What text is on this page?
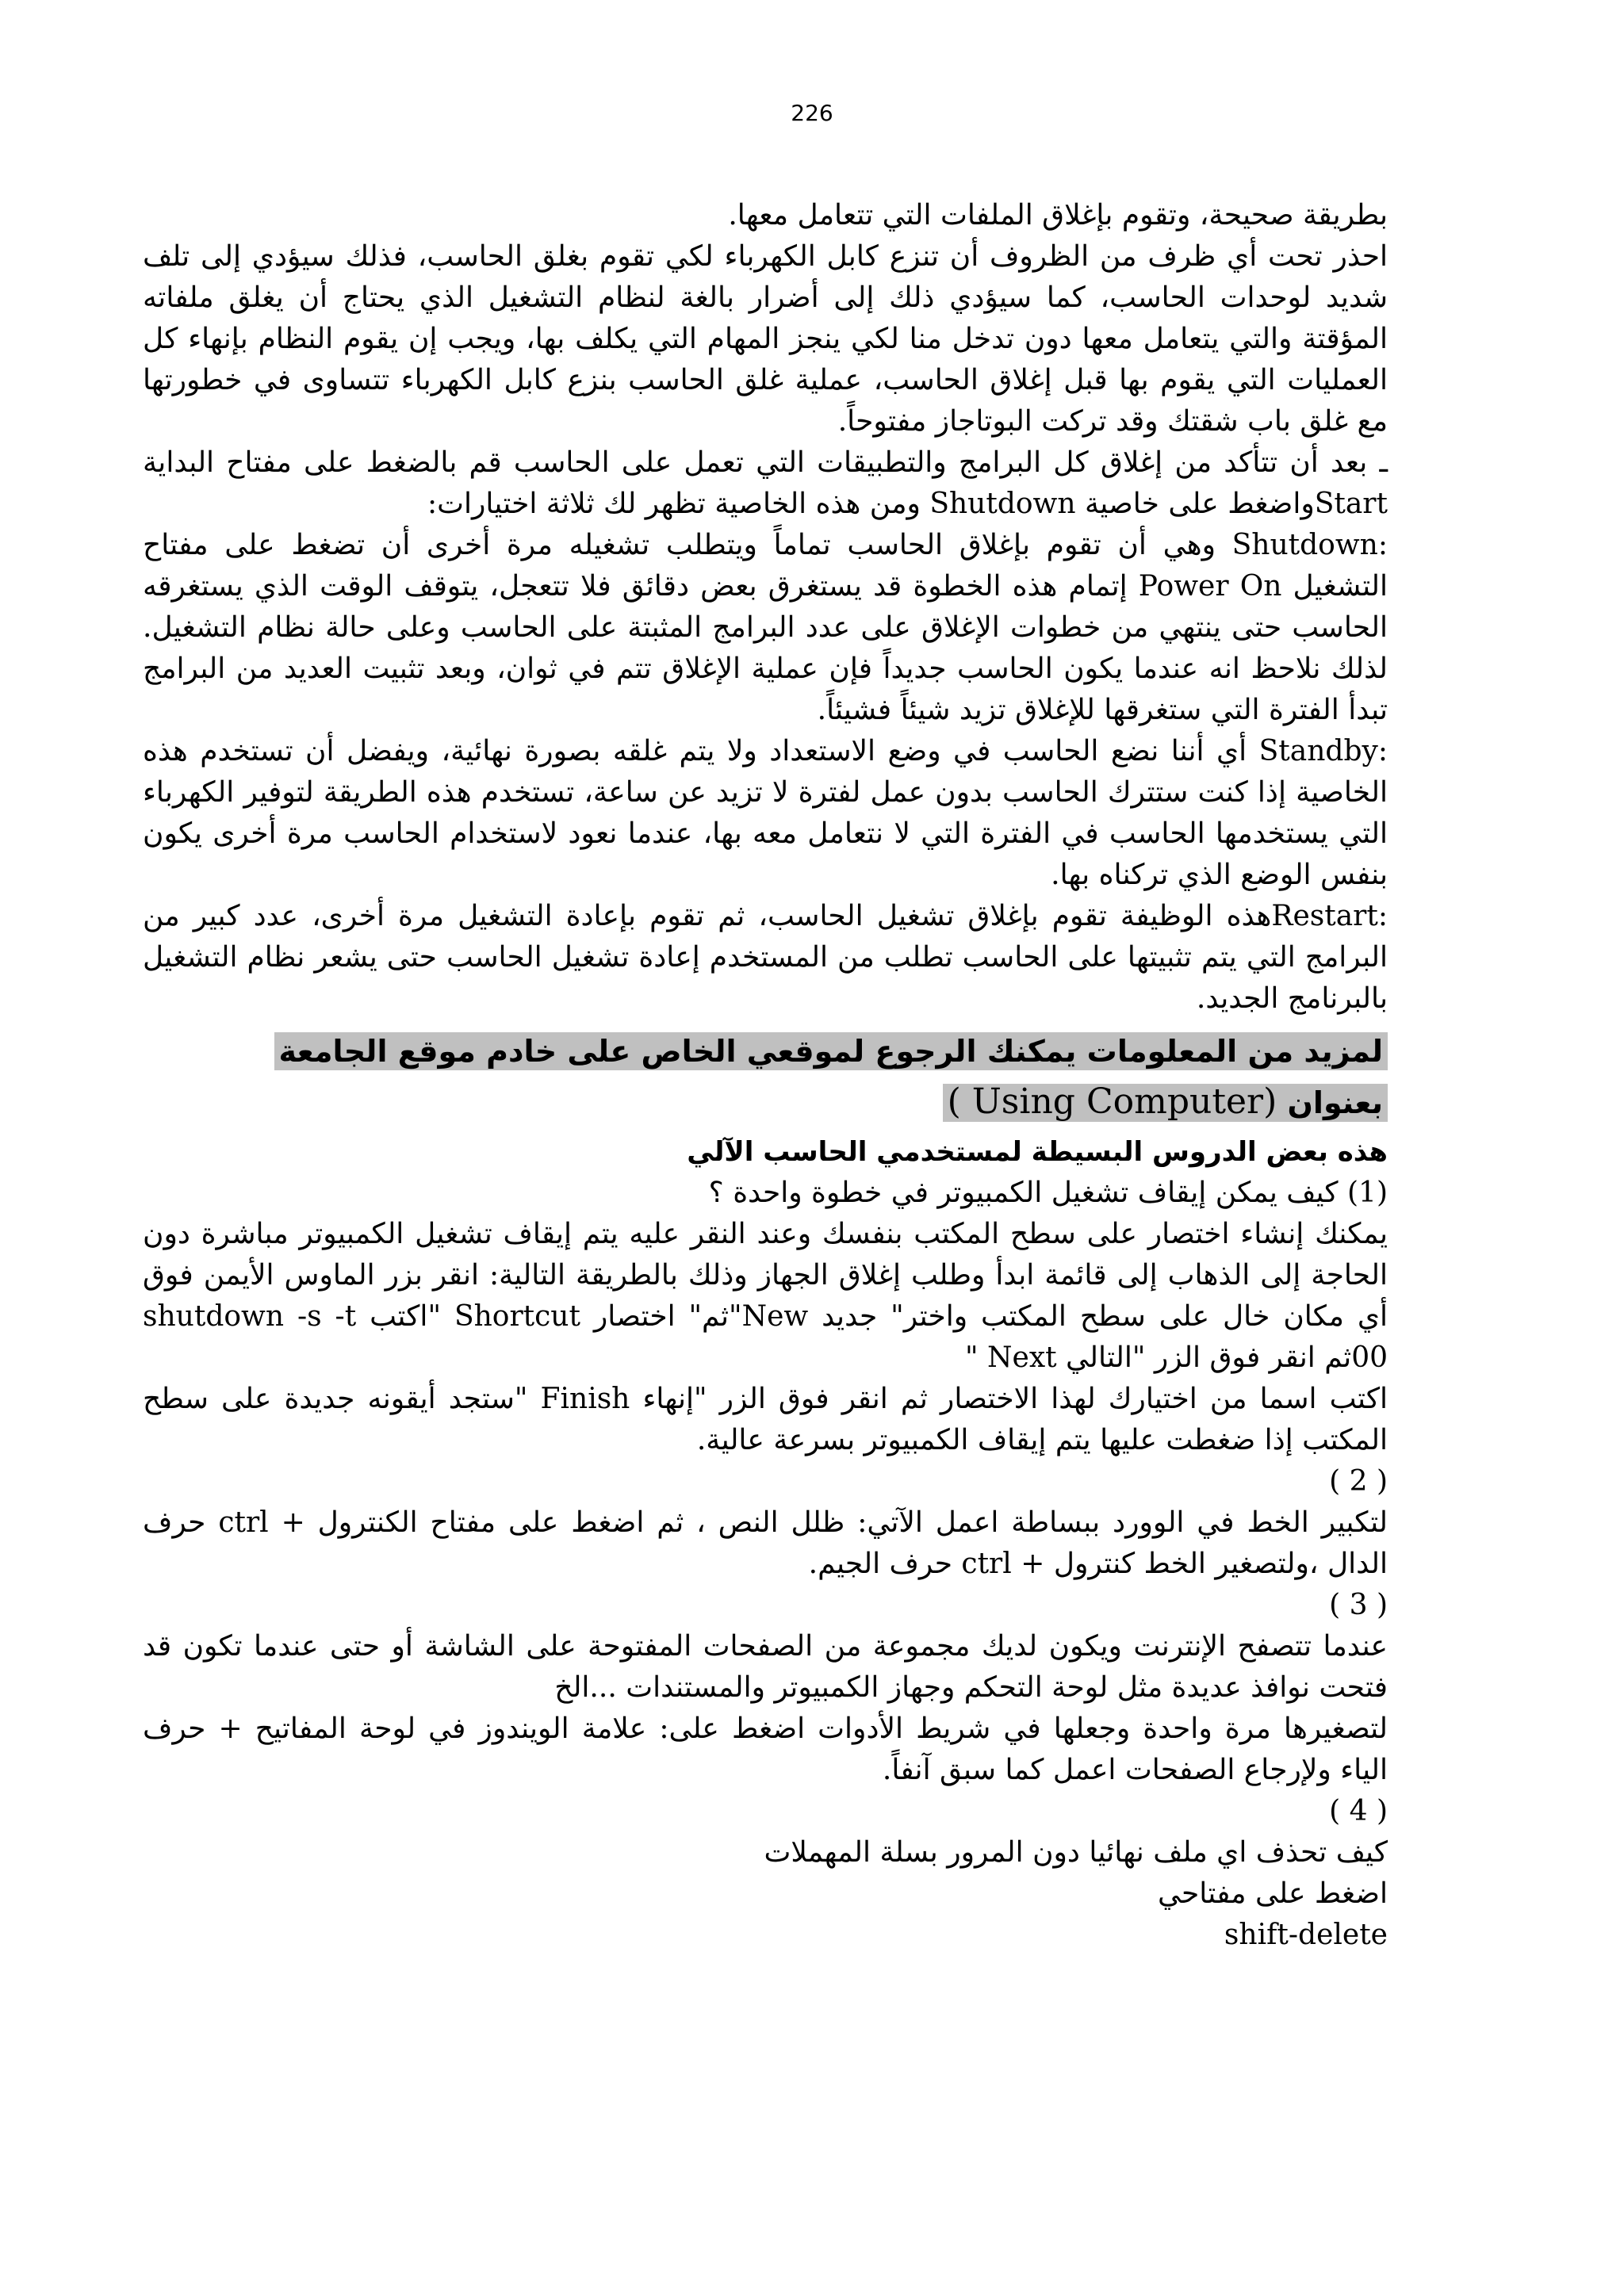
226

بطريقة صحيحة، وتقوم بإغلاق الملفات التي تتعامل معها.

احذر تحت أي ظرف من الظروف أن تنزع كابل الكهرباء لكي تقوم بغلق الحاسب، فذلك سيؤدي إلى تلف شديد لوحدات الحاسب، كما سيؤدي ذلك إلى أضرار بالغة لنظام التشغيل الذي يحتاج أن يغلق ملفاته المؤقتة والتي يتعامل معها دون تدخل منا لكي ينجز المهام التي يكلف بها، ويجب إن يقوم النظام بإنهاء كل العمليات التي يقوم بها قبل إغلاق الحاسب، عملية غلق الحاسب بنزع كابل الكهرباء تتساوى في خطورتها مع غلق باب شقتك وقد تركت البوتاجاز مفتوحاً.

ـ بعد أن تتأكد من إغلاق كل البرامج والتطبيقات التي تعمل على الحاسب قم بالضغط على مفتاح البداية Startواضغط على خاصية Shutdown ومن هذه الخاصية تظهر لك ثلاثة اختيارات:

:Shutdown وهي أن تقوم بإغلاق الحاسب تماماً ويتطلب تشغيله مرة أخرى أن تضغط على مفتاح التشغيل Power On إتمام هذه الخطوة قد يستغرق بعض دقائق فلا تتعجل، يتوقف الوقت الذي يستغرقه الحاسب حتى ينتهي من خطوات الإغلاق على عدد البرامج المثبتة على الحاسب وعلى حالة نظام التشغيل. لذلك نلاحظ انه عندما يكون الحاسب جديداً فإن عملية الإغلاق تتم في ثوان، وبعد تثبيت العديد من البرامج تبدأ الفترة التي ستغرقها للإغلاق تزيد شيئاً فشيئاً.

:Standby أي أننا نضع الحاسب في وضع الاستعداد ولا يتم غلقه بصورة نهائية، ويفضل أن تستخدم هذه الخاصية إذا كنت ستترك الحاسب بدون عمل لفترة لا تزيد عن ساعة، تستخدم هذه الطريقة لتوفير الكهرباء التي يستخدمها الحاسب في الفترة التي لا نتعامل معه بها، عندما نعود لاستخدام الحاسب مرة أخرى يكون بنفس الوضع الذي تركناه بها.

:Restartهذه الوظيفة تقوم بإغلاق تشغيل الحاسب، ثم تقوم بإعادة التشغيل مرة أخرى، عدد كبير من البرامج التي يتم تثبيتها على الحاسب تطلب من المستخدم إعادة تشغيل الحاسب حتى يشعر نظام التشغيل بالبرنامج الجديد.

لمزيد من المعلومات يمكنك الرجوع لموقعي الخاص على خادم موقع الجامعة
بعنوان ( Using Computer)

هذه بعض الدروس البسيطة لمستخدمي الحاسب الآلي

(1) كيف يمكن إيقاف تشغيل الكمبيوتر في خطوة واحدة ؟

يمكنك إنشاء اختصار على سطح المكتب بنفسك وعند النقر عليه يتم إيقاف تشغيل الكمبيوتر مباشرة دون الحاجة إلى الذهاب إلى قائمة ابدأ وطلب إغلاق الجهاز وذلك بالطريقة التالية: انقر بزر الماوس الأيمن فوق أي مكان خال على سطح المكتب واختر" جديد New"ثم" اختصار Shortcut "اكتب shutdown -s -t 00ثم انقر فوق الزر "التالي Next "

اكتب اسما من اختيارك لهذا الاختصار ثم انقر فوق الزر "إنهاء Finish "ستجد أيقونه جديدة على سطح المكتب إذا ضغطت عليها يتم إيقاف الكمبيوتر بسرعة عالية.

( 2 )

لتكبير الخط في الوورد ببساطة اعمل الآتي: ظلل النص ، ثم اضغط على مفتاح الكنترول + ctrl حرف الدال ،ولتصغير الخط كنترول + ctrl حرف الجيم.

( 3 )

عندما تتصفح الإنترنت ويكون لديك مجموعة من الصفحات المفتوحة على الشاشة أو حتى عندما تكون قد فتحت نوافذ عديدة مثل لوحة التحكم وجهاز الكمبيوتر والمستندات ...الخ

لتصغيرها مرة واحدة وجعلها في شريط الأدوات اضغط على: علامة الويندوز في لوحة المفاتيح + حرف الياء ولإرجاع الصفحات اعمل كما سبق آنفاً.

( 4 )

كيف تحذف اي ملف نهائيا دون المرور بسلة المهملات

اضغط على مفتاحي

shift-delete
